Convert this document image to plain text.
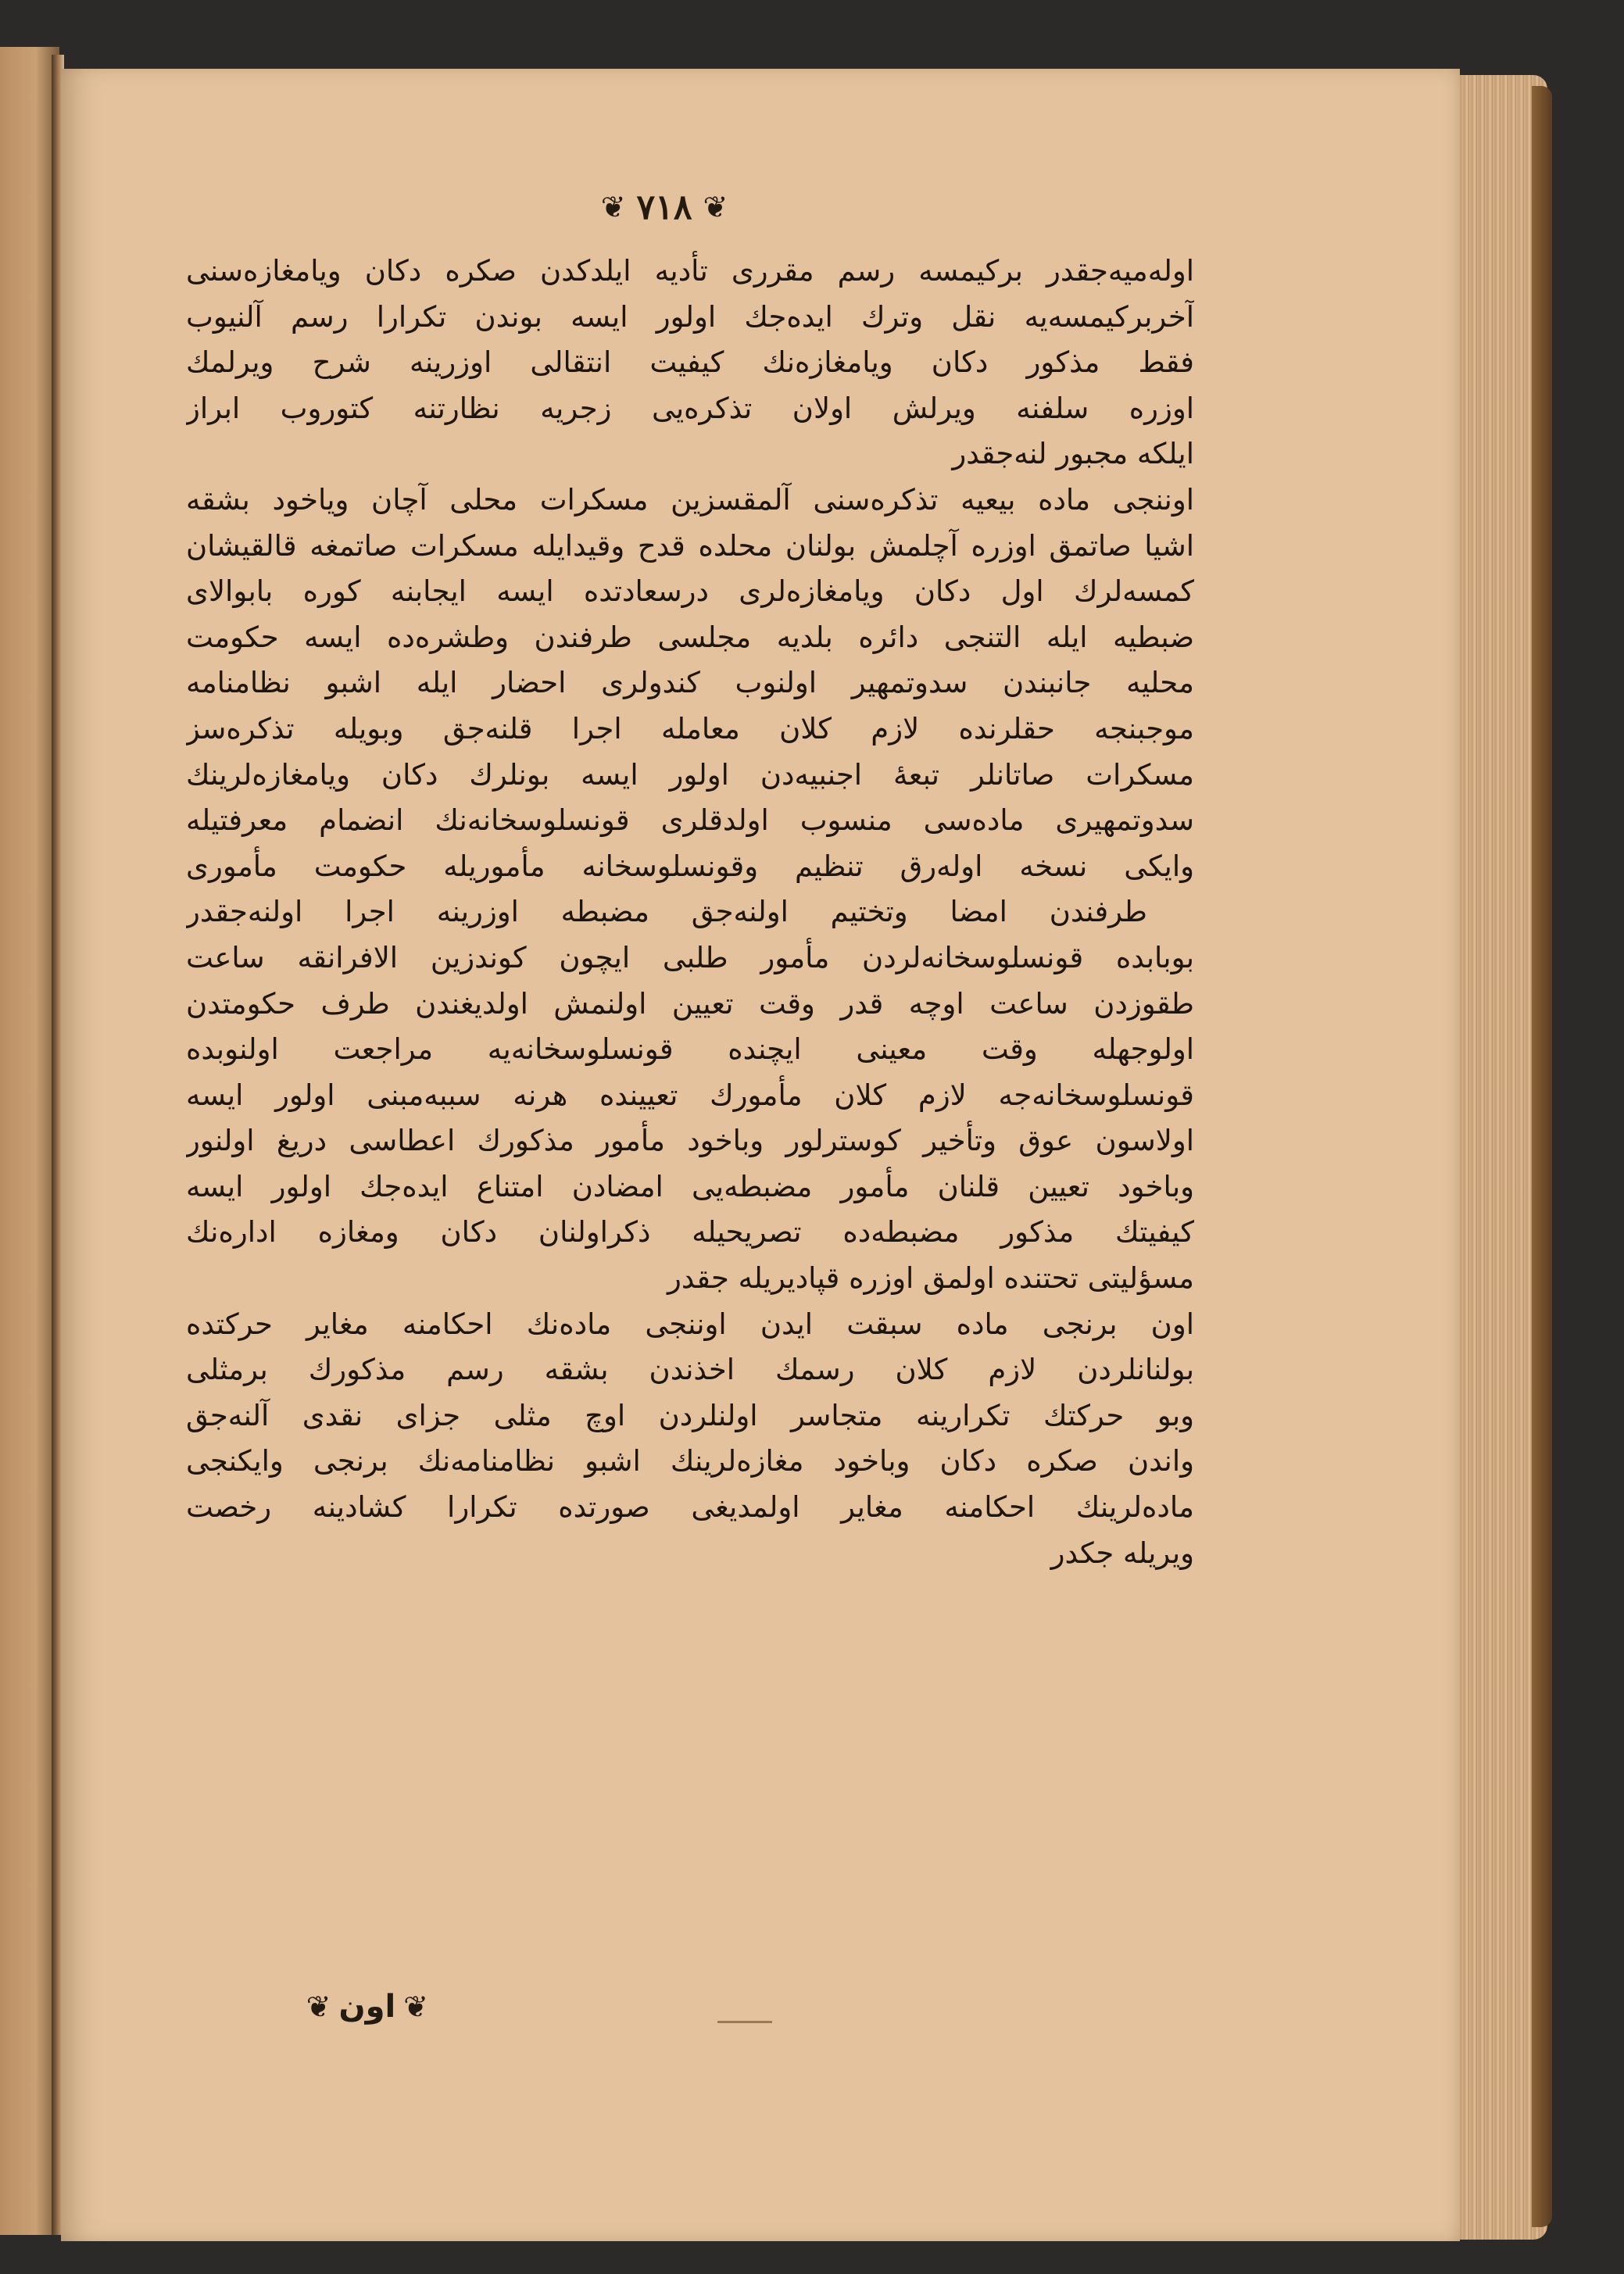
❦ ٧١٨ ❦
اولەمیەجقدر بركیمسە رسم مقرری تأدیه ایلدكدن صكره دكان ویامغازەسنی
آخربركیمسەیه نقل وترك ایدەجك اولور ایسه بوندن تكرارا رسم آلنیوب
فقط مذكور دكان ویامغازەنك كیفیت انتقالی اوزرینه شرح ویرلمك
اوزره سلفنه ویرلش اولان تذكرەیی زجریه نظارتنه كتوروب ابراز
ایلكه مجبور لنەجقدر
اوننجی ماده بیعیه تذكرەسنی آلمقسزین مسكرات محلی آچان ویاخود بشقه
اشیا صاتمق اوزره آچلمش بولنان محلده قدح وقیدایله مسكرات صاتمغه قالقیشان
كمسەلرك اول دكان ویامغازەلری درسعادتده ایسه ایجابنه كوره بابوالای
ضبطیه ایله التنجی دائره بلدیه مجلسی طرفندن وطشرەده ایسه حكومت
محلیه جانبندن سدوتمهیر اولنوب كندولری احضار ایله اشبو نظامنامه
موجبنجه حقلرنده لازم كلان معامله اجرا قلنەجق وبویله تذكرەسز
مسكرات صاتانلر تبعهٔ اجنبیەدن اولور ایسه بونلرك دكان ویامغازەلرینك
سدوتمهیری مادەسی منسوب اولدقلری قونسلوسخانەنك انضمام معرفتیله
وایكی نسخه اولەرق تنظیم وقونسلوسخانه مأموریله حكومت مأموری
طرفندن امضا وتختیم اولنەجق مضبطه اوزرینه اجرا اولنەجقدر
بوبابده قونسلوسخانەلردن مأمور طلبی ایچون كوندزین الافرانقه ساعت
طقوزدن ساعت اوچه قدر وقت تعیین اولنمش اولدیغندن طرف حكومتدن
اولوجهله وقت معینی ایچنده قونسلوسخانەیه مراجعت اولنوبده
قونسلوسخانەجه لازم كلان مأمورك تعیینده هرنه سببەمبنی اولور ایسه
اولاسون عوق وتأخیر كوسترلور وباخود مأمور مذكورك اعطاسی دریغ اولنور
وباخود تعیین قلنان مأمور مضبطەیی امضادن امتناع ایدەجك اولور ایسه
كیفیتك مذكور مضبطەده تصریحیله ذكراولنان دكان ومغازه ادارەنك
مسؤلیتی تحتنده اولمق اوزره قپادیریله جقدر
اون برنجی ماده سبقت ایدن اوننجی مادەنك احكامنه مغایر حركتده
بولنانلردن لازم كلان رسمك اخذندن بشقه رسم مذكورك برمثلی
وبو حركتك تكرارینه متجاسر اولنلردن اوچ مثلی جزای نقدی آلنەجق
واندن صكره دكان وباخود مغازەلرینك اشبو نظامنامەنك برنجی وایكنجی
مادەلرینك احكامنه مغایر اولمدیغی صورتده تكرارا كشادینه رخصت
ویریله جكدر
❦
اون
❦
